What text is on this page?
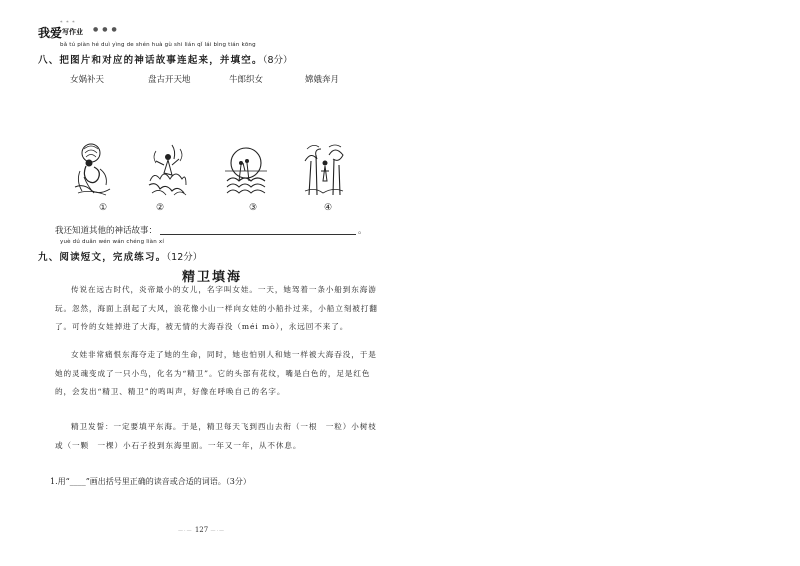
* * *
我爱 写作业 ●●●
bǎ tú piàn hé duì yìng de shén huà gù shi lián qǐ lái bìng tián kōng
八、把图片和对应的神话故事连起来，并填空。（8分）
女娲补天	盘古开天地	牛郎织女	嫦娥奔月
①	②	③	④
我还知道其他的神话故事：	。
yuè dú duǎn wén wán chéng liàn xí
九、阅读短文，完成练习。（12分）
精卫填海
传说在远古时代，炎帝最小的女儿，名字叫女娃。一天，她驾着一条小船到东海游玩。忽然，海面上刮起了大风，浪花像小山一样向女娃的小船扑过来，小船立刻被打翻了。可怜的女娃掉进了大海，被无情的大海吞没（méi mò），永远回不来了。
女娃非常痛恨东海夺走了她的生命，同时，她也怕别人和她一样被大海吞没，于是她的灵魂变成了一只小鸟，化名为“精卫”。它的头部有花纹，嘴是白色的，足是红色的，会发出“精卫、精卫”的鸣叫声，好像在呼唤自己的名字。
精卫发誓：一定要填平东海。于是，精卫每天飞到西山去衔（一根　一粒）小树枝或（一颗　一棵）小石子投到东海里面。一年又一年，从不休息。
1.用“____”画出括号里正确的读音或合适的词语。（3分）
—·— 127 —·—
